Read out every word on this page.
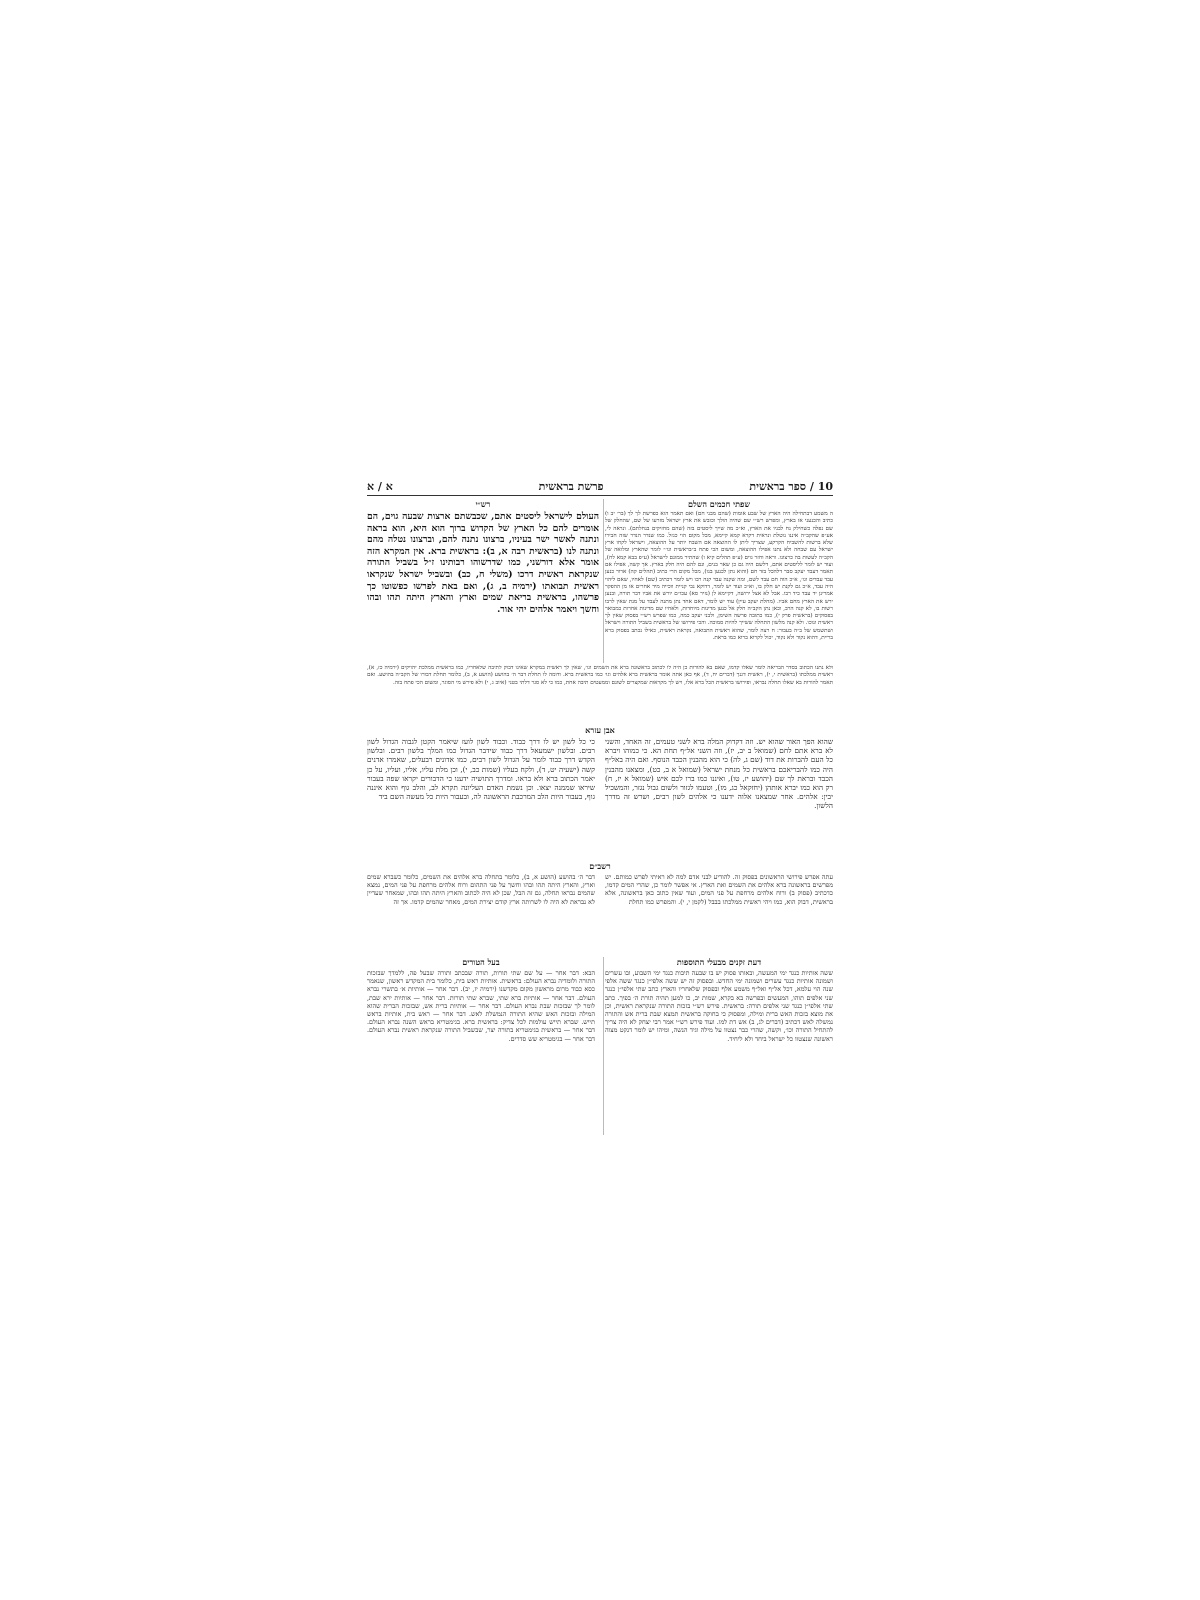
10 / ספר בראשית
פרשת בראשית
א / א
שפתי חכמים השלם

ה משמע דבתחילה היה הארץ של שבע אומות (שהם מבני חם) ואם תאמר הוא כפרשת לך לך (בר׳ יב ו) כתיב והכנעני אז בארץ, ומפרש רש״י שם שהיה הולך וכובש את ארץ ישראל מזרעו של שם, שהחלק של שם נפלה כשחילק נח לבניו את הארץ, וא״כ מה שייך ליסטים בזה (שהם מחזיקים בנחלתם). ונראה לי, אע״פ שהקב״ה איננו נוטלת ונראית דקרא קמא קיימא, מכל מקום הוי כגזל. כמו שנדר הנדר שזה חבירו שלא ברשות להשביח הקרקע, שצריך ליתן לו ההוצאה אם השבח יותר על ההוצאה, וישראל לקחו ארץ ישראל עם שבחה ולא נתנו אפילו ההוצאה, ומשום הכי פתח ב״בראשית וגו׳״ לומר שהארץ ומלואה של הקב״ה לעשות בה כרצונו. וראה וחזר גוים (ע״פ תהלים קיא ו) שהתיר ממונם לישראל (ע״פ בבא קמא לח), ועוד יש לומר לליסטים אתם, דלשם היה גם כן שאר בנים, ונם להם היה חלק בארץ. אך קשה, אפילו אם תאמר דעבד יעקב סבר דלהכל בזד חם (והוא נתן לכנען בנו), מכל מקום הרי כתיב (תהלים קה) ארור כנען עבד עבדים וגו׳, א״כ הוה חם עבד לשם, ומה שקנה עבד קנה רבו ויש לומר דכתיב (שם) לאחיו, שאם ליהוי היה עבד, א״כ גם לקנת יש חלק בו, וא״כ ועוד יש לומר, דדוקא נבי קניית ווכייה מיד אחרים או מן ההפקר אמרינן יד עבד כיד רבו. אבל לא אצל ירושה, דקיימא לן (נזיר סא) עכו״ם יורש את אביו דבר תורה, ובנען ירש את הארץ מחם אביו. (מחלת יעקב עיין) עוד יש לומר, דאם אחד נתן מתנה לעבד על מנת שאין לרבו רשות בו, לא קנה הרב, וכאן נתן הקב״ה חלק אל כנען מדינות מיוחדות, ולאחיו שם מדינות אחרות כמבואר בפסוקים (בראשית פרק י), כמו כתובה פרשה השימן, ולבני יעקב כמה, כמו שפרש רש״י בפסוק שאין לך ראשית ונוכו. ולא קנה מלשון התחלה ששייך להיות סמוכה. והכי פירושו של בראשית בשביל התורה וישראל ושתשמש של ב״ה בעבור: ח רצה לומר, שהוא ראשית התבואה, נקראת ראשית, כאילו נכתב בפסוק ברא בריית, דהוא נקוד ולא נקוד, יכול לקרוא ברוא כמו בראת.

רש״י

העולם לישראל ליסטים אתם, שכבשתם ארצות שבעה גוים, הם אומרים להם כל הארץ של הקדוש ברוך הוא היא, הוא בראה ונתנה לאשר ישר בעיניו, ברצונו נתנה להם, וברצונו נטלה מהם ונתנה לנו (בראשית רבה א, ב): בראשית ברא. אין המקרא הזה אומר אלא דורשני, כמו שדרשוהו רבותינו ז״ל בשביל התורה שנקראת ראשית דרכו (משלי ח, כב) ובשביל ישראל שנקראו ראשית תבואתו (ירמיה ב, ג), ואם באת לפרשו כפשוטו כך פרשהו, בראשית בריאת שמים וארץ והארץ היתה תהו ובהו וחשך ויאמר אלהים יהי אור.

ולא נתנו הכתוב בסדר הבריאה לומר שאלו קדמו, שאם בא להורות כן היה לו לכתוב בראשונה ברא את השמים וגו׳, שאין לך ראשית במקרא שאינו דבוק לתיבה שלאחריו, כמו בראשית ממלכת יהויקים (ירמיה כז, א), ראשית ממלכתו (בראשית י, י), ראשית דגנך (דברים יח, ד), אף כאן אתה אומר בראשית ברא אלהים וגו׳ כמו בראשית ברא. ודומה לו תחלת דבר ה׳ בהושע (הושע א, ב), כלומר תחלת דבורו של הקב״ה בהושע. ואם תאמר להורות בא שאלו תחלה נבראו, ופירושו בראשית הכל ברא אלו, ויש לך מקראות שמקצרים לשונם וממעטים תיבה אחת, כמו כי לא סגר דלתי בטני (איוב ג, י) ולא פירש מי הסוגר, ומשום הכי פתח בזה.

אבן עזרא

שהוא הפך האור שהוא יש. וזה דקדוק המלה ברא לשני טעמים, זה האחד, והשני לא ברא אתם לחם (שמואל ב יב, יז), וזה השני אל״ף תחת הא. כי כמוהו ויברא כל העם להברות את דוד (שם ג, לה) כי הוא מהבנין הכבד הנוסף. ואם היה באל״ף היה כמו להבריאכם בראשית כל מנחת ישראל (שמואל א ב, כט), ומצאנו מהבנין הכבד ובראת לך שם (יהושע יז, טו), ואיננו כמו ברו לכם איש (שמואל א יז, ח) רק הוא כמו יברא אותהן (יחזקאל כג, מז), וטעמו לגזור ולשום גבול נגזר, והמשכיל יבין: אלהים. אחר שמצאנו אלוה ידענו כי אלהים לשון רבים, ושרש זה מדרך הלשון.

כי כל לשון יש לו דרך כבוד. וכבוד לשון לועז שיאמר הקטן לגבוה הגדול לשון רבים. ובלשון ישמעאל דרך כבוד שידבר הגדול כמו המלך בלשון רבים. ובלשון הקדש דרך כבוד לומר על הגדול לשון רבים, כמו אדונים רבעלים, שאמרו אדנים קשה (ישעיה יט, ד), ולקח בעליו (שמות כב, י), וכן מלת עליו, אליו, ועליו, על כן יאמר הכתוב ברא ולא בראו. ומדרך התושיה ידענו כי הדבורים יקראו שפה בעבור שיראו שממנה יצאו. וכן נשמת האדם העליונה תקרא לב, והלב גוף והוא איננה גוף, בעבור היות הלב המרכבת הראשונה לה, ובעבור היות כל מעשה השם ביד

רשב״ם

עתה אפרש פירושי הראשונים בפסוק זה. להודיע לבני אדם למה לא ראיתי לפרש כמותם. יש מפרשים בראשונה ברא אלהים את השמים ואת הארץ. אי אפשר לומר כן, שהרי המים קדמו, כדכתיב (פסוק ב) ורוח אלהים מרחפת על פני המים, ועוד שאין כתוב כאן בראשונה, אלא בראשית, דבוק הוא, כמו ויהי ראשית ממלכתו בבבל (לקמן י, י). והמפרש כמו תחלת

דבר ה׳ בהושע (הושע א, ב), כלומר בתחלה ברא אלהים את השמים, כלומר כשברא שמים וארץ, והארץ היתה תהו ובהו וחשך על פני התהום ורוח אלהים מרחפת על פני המים, נמצא שהמים נבראו תחלה, גם זה הבל, שכן לא היה לכתוב והארץ היתה תהו ובהו, שמאחר שעדיין לא נבראת לא היה לו לשרותה ארץ קודם יצירת המים, מאחר שהמים קדמו. אך זה

בעל הטורים

הבא: דבר אחר — על שם שתי תורות, תורה שבכתב ותורה שבעל פה, ללמדך שבזכות התורה ולומדיה נברא העולם: בראשית. אותיות ראש בית, כלומר בית המקדש ראשון, שנאמר כסא כבוד מרום מראשון מקום מקדשנו (ירמיה יז, יב). דבר אחר — אותיות א׳ בתשרי נברא העולם. דבר אחר — אותיות ברא שתי, שברא שתי תורות. דבר אחר — אותיות ירא שבת, לומר לך שבזכות שבת נברא העולם. דבר אחר — אותיות ברית אש, שבזכות הברית שהוא המילה ובזכות האש שהיא התורה הנמשלת לאש. דבר אחר — ראש בית, אותיות בראש תייש. שברא תייש עולמות לכל צדיק: בראשית ברא. בגימטריא בראש השנה נברא העולם. דבר אחר — בראשית בגימטריא בתורה יצר, שבשביל התורה שנקראת ראשית נברא העולם. דבר אחר — בגימטריא שש סדרים.

דעת זקנים מבעלי התוספות

ששה אותיות כנגד ימי המעשה, ובאותו פסוק יש בו שבעה תיבות כנגד ימי השבוע, ובו עשרים ושמונה אותיות כנגד עשרים ושמונה ימי החדש. ובפסוק זה יש ששה אלפי״ן כנגד ששה אלפי שנה הוי עלמא, דכל אל״ף ואל״ף משמע אלף ובפסוק שלאחריו והארץ כתב שתי אלפי״ן כנגד שני אלפים תוהו, המעשים ובפרשה בא בקרא, שמות יב, כו למען תהיה תורת ה׳ בפיך. כתב שתי אלפי״ן כנגד שני אלפים תורה: בראשית. פירש רש״י בזכות התורה שנקראת ראשית, וכן את מוצא בזכות האש ברית ומילה, ומפסוק כי בחוקה בראשית תמצא שבת ברית אש והתורה נמשלה לאש דכתיב (דברים לג, ב) אש דת למו. ועוד פירש רש״י אמר רבי יצחק לא היה צריך להתחיל התורה וכו׳, וקשה, שהרי כבר נצטוו על מילה וגיד הנשה, ומיהו יש לומר דנקט מצוה ראשונה שנצטוו כל ישראל ביחד ולא ליחיד.
